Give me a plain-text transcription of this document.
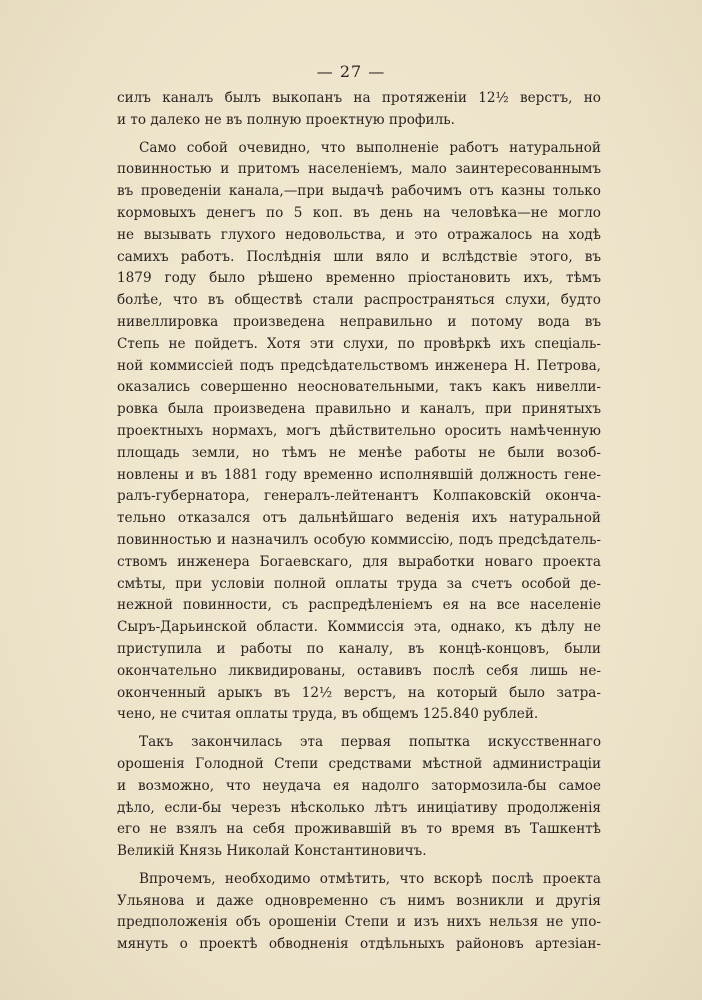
— 27 —
силъ каналъ былъ выкопанъ на протяженіи 12½ верстъ, но
и то далеко не въ полную проектную профиль.
Само собой очевидно, что выполненіе работъ натуральной
повинностью и притомъ населеніемъ, мало заинтересованнымъ
въ проведеніи канала,—при выдачѣ рабочимъ отъ казны только
кормовыхъ денегъ по 5 коп. въ день на человѣка—не могло
не вызывать глухого недовольства, и это отражалось на ходѣ
самихъ работъ. Послѣднія шли вяло и вслѣдствіе этого, въ
1879 году было рѣшено временно пріостановить ихъ, тѣмъ
болѣе, что въ обществѣ стали распространяться слухи, будто
нивеллировка произведена неправильно и потому вода въ
Степь не пойдетъ. Хотя эти слухи, по провѣркѣ ихъ спеціаль-
ной коммиссіей подъ предсѣдательствомъ инженера Н. Петрова,
оказались совершенно неосновательными, такъ какъ нивелли-
ровка была произведена правильно и каналъ, при принятыхъ
проектныхъ нормахъ, могъ дѣйствительно оросить намѣченную
площадь земли, но тѣмъ не менѣе работы не были возоб-
новлены и въ 1881 году временно исполнявшій должность гене-
ралъ-губернатора, генералъ-лейтенантъ Колпаковскій оконча-
тельно отказался отъ дальнѣйшаго веденія ихъ натуральной
повинностью и назначилъ особую коммиссію, подъ предсѣдатель-
ствомъ инженера Богаевскаго, для выработки новаго проекта
смѣты, при условіи полной оплаты труда за счетъ особой де-
нежной повинности, съ распредѣленіемъ ея на все населеніе
Сыръ-Дарьинской области. Коммиссія эта, однако, къ дѣлу не
приступила и работы по каналу, въ концѣ-концовъ, были
окончательно ликвидированы, оставивъ послѣ себя лишь не-
оконченный арыкъ въ 12½ верстъ, на который было затра-
чено, не считая оплаты труда, въ общемъ 125.840 рублей.
Такъ закончилась эта первая попытка искусственнаго
орошенія Голодной Степи средствами мѣстной администраціи
и возможно, что неудача ея надолго затормозила-бы самое
дѣло, если-бы черезъ нѣсколько лѣтъ иниціативу продолженія
его не взялъ на себя проживавшій въ то время въ Ташкентѣ
Великій Князь Николай Константиновичъ.
Впрочемъ, необходимо отмѣтить, что вскорѣ послѣ проекта
Ульянова и даже одновременно съ нимъ возникли и другія
предположенія объ орошеніи Степи и изъ нихъ нельзя не упо-
мянуть о проектѣ обводненія отдѣльныхъ районовъ артезіан-
